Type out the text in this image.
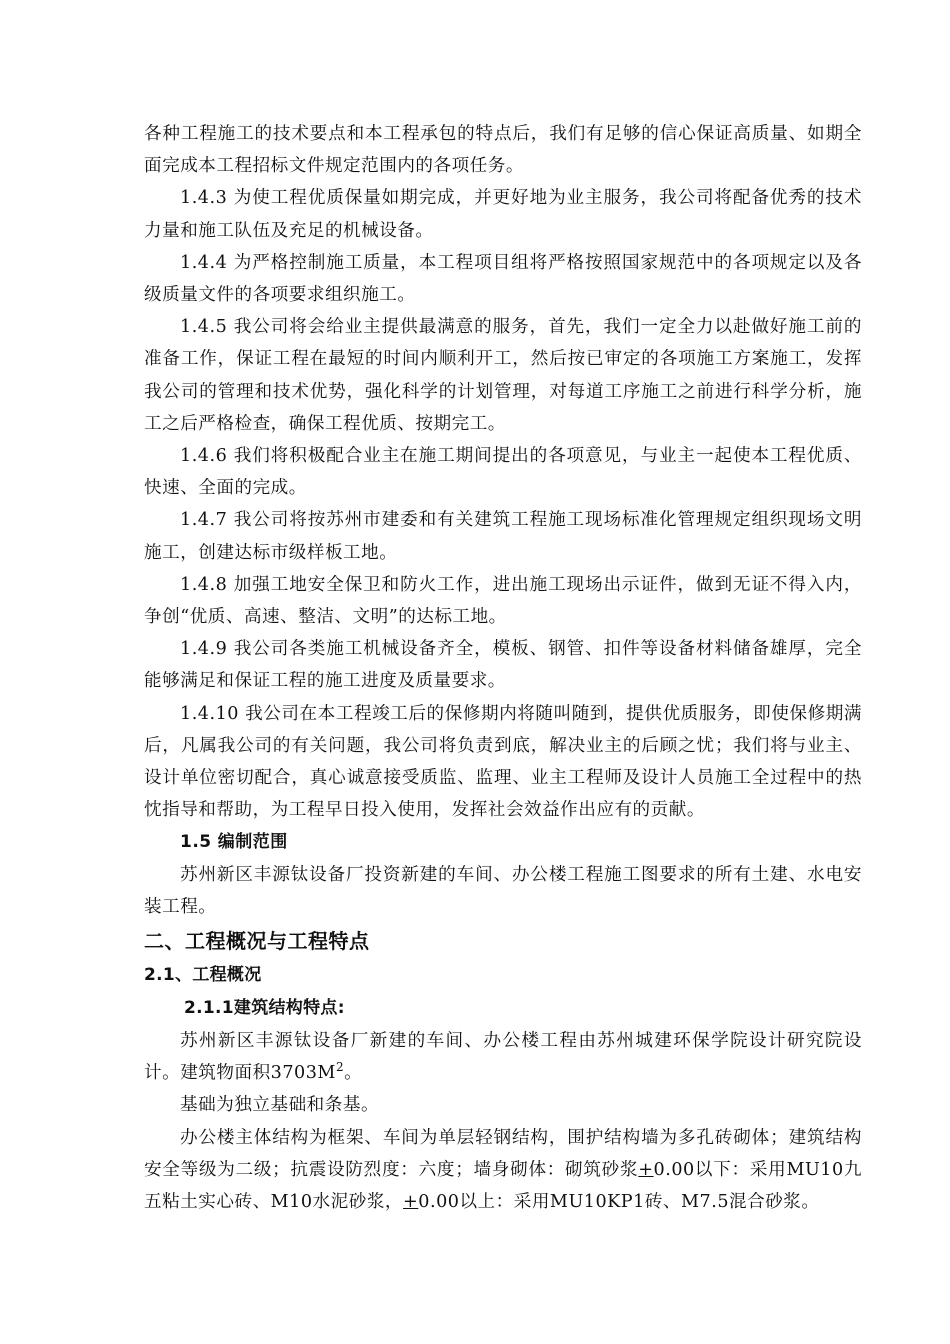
各种工程施工的技术要点和本工程承包的特点后，我们有足够的信心保证高质量、如期全面完成本工程招标文件规定范围内的各项任务。

1.4.3 为使工程优质保量如期完成，并更好地为业主服务，我公司将配备优秀的技术力量和施工队伍及充足的机械设备。

1.4.4 为严格控制施工质量，本工程项目组将严格按照国家规范中的各项规定以及各级质量文件的各项要求组织施工。

1.4.5 我公司将会给业主提供最满意的服务，首先，我们一定全力以赴做好施工前的准备工作，保证工程在最短的时间内顺利开工，然后按已审定的各项施工方案施工，发挥我公司的管理和技术优势，强化科学的计划管理，对每道工序施工之前进行科学分析，施工之后严格检查，确保工程优质、按期完工。

1.4.6 我们将积极配合业主在施工期间提出的各项意见，与业主一起使本工程优质、快速、全面的完成。

1.4.7 我公司将按苏州市建委和有关建筑工程施工现场标准化管理规定组织现场文明施工，创建达标市级样板工地。

1.4.8 加强工地安全保卫和防火工作，进出施工现场出示证件，做到无证不得入内，争创“优质、高速、整洁、文明”的达标工地。

1.4.9 我公司各类施工机械设备齐全，模板、钢管、扣件等设备材料储备雄厚，完全能够满足和保证工程的施工进度及质量要求。

1.4.10 我公司在本工程竣工后的保修期内将随叫随到，提供优质服务，即使保修期满后，凡属我公司的有关问题，我公司将负责到底，解决业主的后顾之忧；我们将与业主、设计单位密切配合，真心诚意接受质监、监理、业主工程师及设计人员施工全过程中的热忱指导和帮助，为工程早日投入使用，发挥社会效益作出应有的贡献。

1.5 编制范围

苏州新区丰源钛设备厂投资新建的车间、办公楼工程施工图要求的所有土建、水电安装工程。

二、工程概况与工程特点
2.1、工程概况
2.1.1建筑结构特点:

苏州新区丰源钛设备厂新建的车间、办公楼工程由苏州城建环保学院设计研究院设计。建筑物面积$3703M^2$。

基础为独立基础和条基。

办公楼主体结构为框架、车间为单层轻钢结构，围护结构墙为多孔砖砌体；建筑结构安全等级为二级；抗震设防烈度：六度；墙身砌体：砌筑砂浆+0.00以下：采用MU10九五粘土实心砖、M10水泥砂浆，+0.00以上：采用MU10KP1砖、M7.5混合砂浆。
